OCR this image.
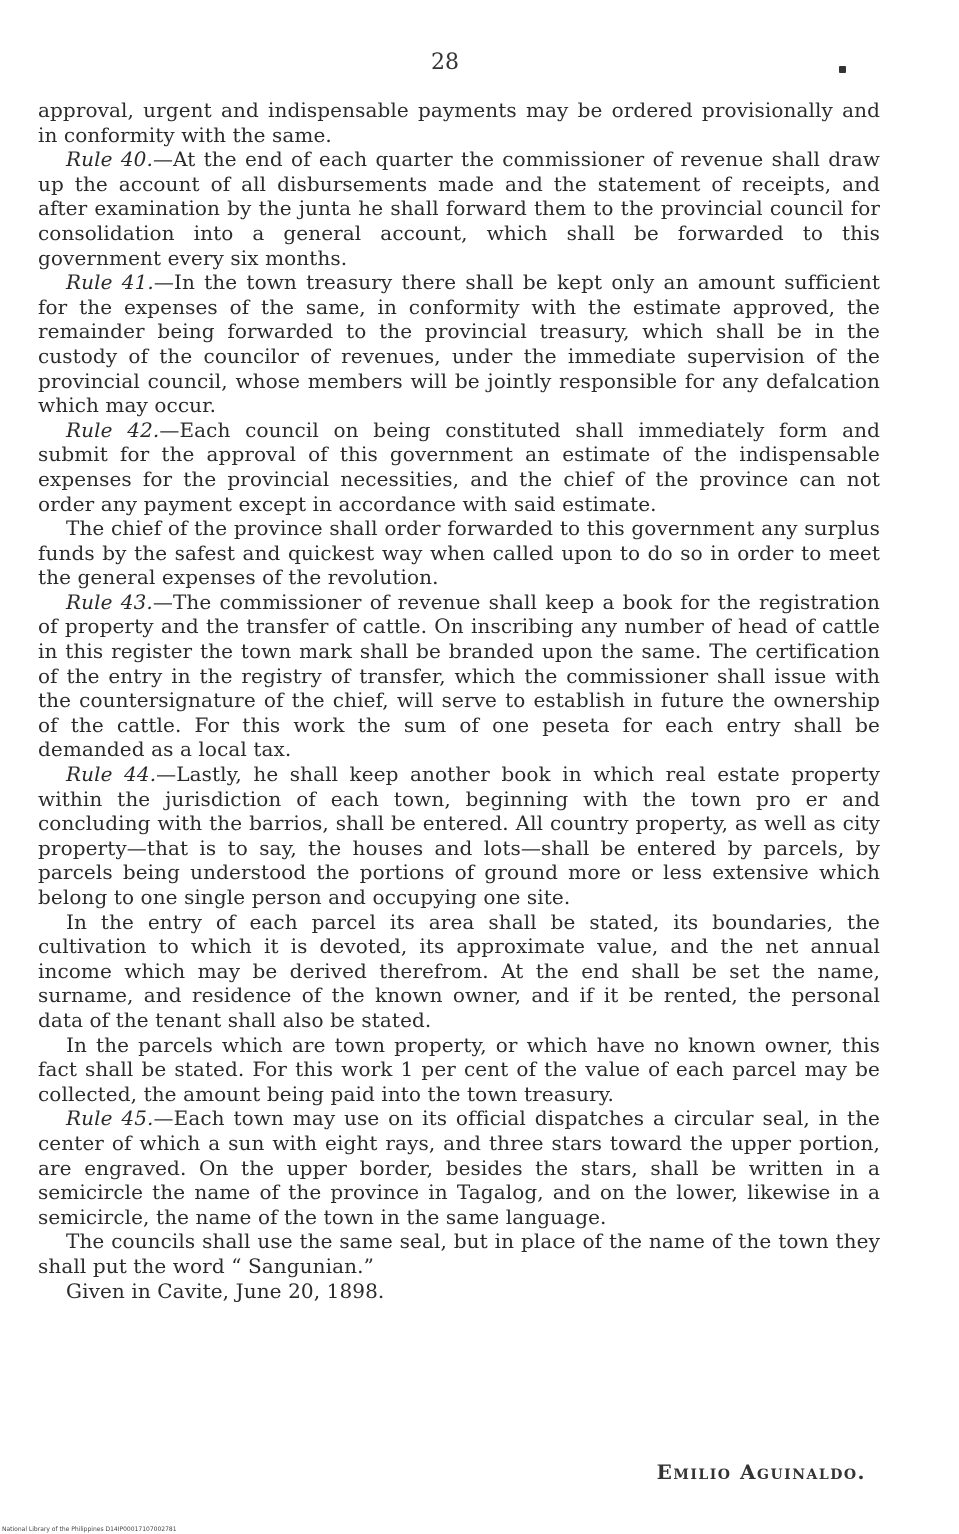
28

approval, urgent and indispensable payments may be ordered provisionally and in conformity with the same.

Rule 40.—At the end of each quarter the commissioner of revenue shall draw up the account of all disbursements made and the statement of receipts, and after examination by the junta he shall forward them to the provincial council for consolidation into a general account, which shall be forwarded to this government every six months.

Rule 41.—In the town treasury there shall be kept only an amount sufficient for the expenses of the same, in conformity with the estimate approved, the remainder being forwarded to the provincial treasury, which shall be in the custody of the councilor of revenues, under the immediate supervision of the provincial council, whose members will be jointly responsible for any defalcation which may occur.

Rule 42.—Each council on being constituted shall immediately form and submit for the approval of this government an estimate of the indispensable expenses for the provincial necessities, and the chief of the province can not order any payment except in accordance with said estimate.

The chief of the province shall order forwarded to this government any surplus funds by the safest and quickest way when called upon to do so in order to meet the general expenses of the revolution.

Rule 43.—The commissioner of revenue shall keep a book for the registration of property and the transfer of cattle. On inscribing any number of head of cattle in this register the town mark shall be branded upon the same. The certification of the entry in the registry of transfer, which the commissioner shall issue with the countersignature of the chief, will serve to establish in future the ownership of the cattle. For this work the sum of one peseta for each entry shall be demanded as a local tax.

Rule 44.—Lastly, he shall keep another book in which real estate property within the jurisdiction of each town, beginning with the town pro er and concluding with the barrios, shall be entered. All country property, as well as city property—that is to say, the houses and lots—shall be entered by parcels, by parcels being understood the portions of ground more or less extensive which belong to one single person and occupying one site.

In the entry of each parcel its area shall be stated, its boundaries, the cultivation to which it is devoted, its approximate value, and the net annual income which may be derived therefrom. At the end shall be set the name, surname, and residence of the known owner, and if it be rented, the personal data of the tenant shall also be stated.

In the parcels which are town property, or which have no known owner, this fact shall be stated. For this work 1 per cent of the value of each parcel may be collected, the amount being paid into the town treasury.

Rule 45.—Each town may use on its official dispatches a circular seal, in the center of which a sun with eight rays, and three stars toward the upper portion, are engraved. On the upper border, besides the stars, shall be written in a semicircle the name of the province in Tagalog, and on the lower, likewise in a semicircle, the name of the town in the same language.

The councils shall use the same seal, but in place of the name of the town they shall put the word “ Sangunian.”

Given in Cavite, June 20, 1898.

Emilio Aguinaldo.
National Library of the Philippines D14IP00017107002781
